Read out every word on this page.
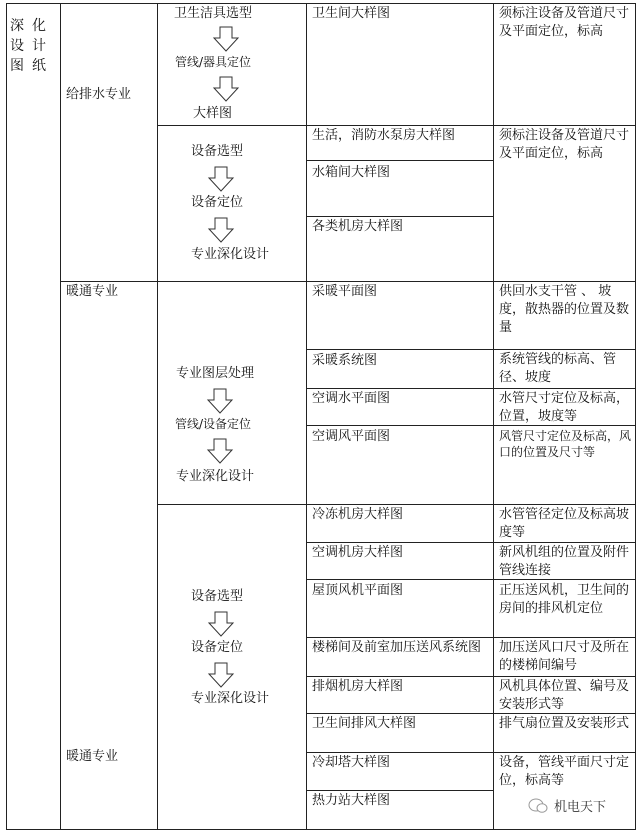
深化设计图纸
给排水专业
暖通专业
暖通专业
卫生洁具选型
管线/器具定位
大样图
设备选型
设备定位
专业深化设计
专业图层处理
管线/设备定位
专业深化设计
设备选型
设备定位
专业深化设计
卫生间大样图
生活，消防水泵房大样图
水箱间大样图
各类机房大样图
采暖平面图
采暖系统图
空调水平面图
空调风平面图
冷冻机房大样图
空调机房大样图
屋顶风机平面图
楼梯间及前室加压送风系统图
排烟机房大样图
卫生间排风大样图
冷却塔大样图
热力站大样图
须标注设备及管道尺寸及平面定位，标高
须标注设备及管道尺寸及平面定位，标高
供回水支干管 、 坡度，散热器的位置及数量
系统管线的标高、管径、坡度
水管尺寸定位及标高，位置，坡度等
风管尺寸定位及标高，风口的位置及尺寸等
水管管径定位及标高坡度等
新风机组的位置及附件管线连接
正压送风机，卫生间的房间的排风机定位
加压送风口尺寸及所在的楼梯间编号
风机具体位置、编号及安装形式等
排气扇位置及安装形式
设备，管线平面尺寸定位，标高等
机电天下
